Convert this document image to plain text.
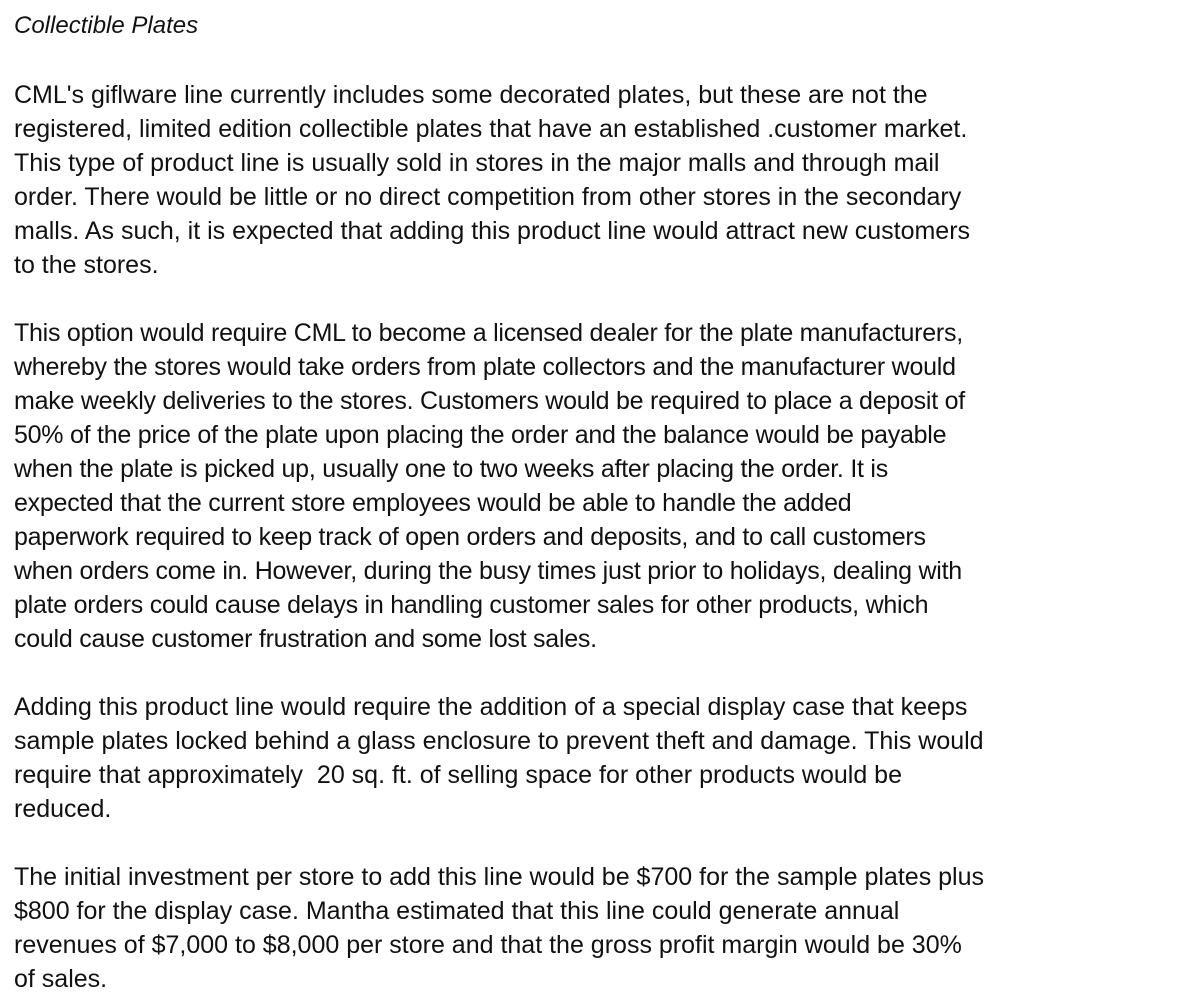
Collectible Plates

CML's giflware line currently includes some decorated plates, but these are not the
registered, limited edition collectible plates that have an established .customer market.
This type of product line is usually sold in stores in the major malls and through mail
order. There would be little or no direct competition from other stores in the secondary
malls. As such, it is expected that adding this product line would attract new customers
to the stores.

This option would require CML to become a licensed dealer for the plate manufacturers,
whereby the stores would take orders from plate collectors and the manufacturer would
make weekly deliveries to the stores. Customers would be required to place a deposit of
50% of the price of the plate upon placing the order and the balance would be payable
when the plate is picked up, usually one to two weeks after placing the order. It is
expected that the current store employees would be able to handle the added
paperwork required to keep track of open orders and deposits, and to call customers
when orders come in. However, during the busy times just prior to holidays, dealing with
plate orders could cause delays in handling customer sales for other products, which
could cause customer frustration and some lost sales.

Adding this product line would require the addition of a special display case that keeps
sample plates locked behind a glass enclosure to prevent theft and damage. This would
require that approximately  20 sq. ft. of selling space for other products would be
reduced.

The initial investment per store to add this line would be $700 for the sample plates plus
$800 for the display case. Mantha estimated that this line could generate annual
revenues of $7,000 to $8,000 per store and that the gross profit margin would be 30%
of sales.
